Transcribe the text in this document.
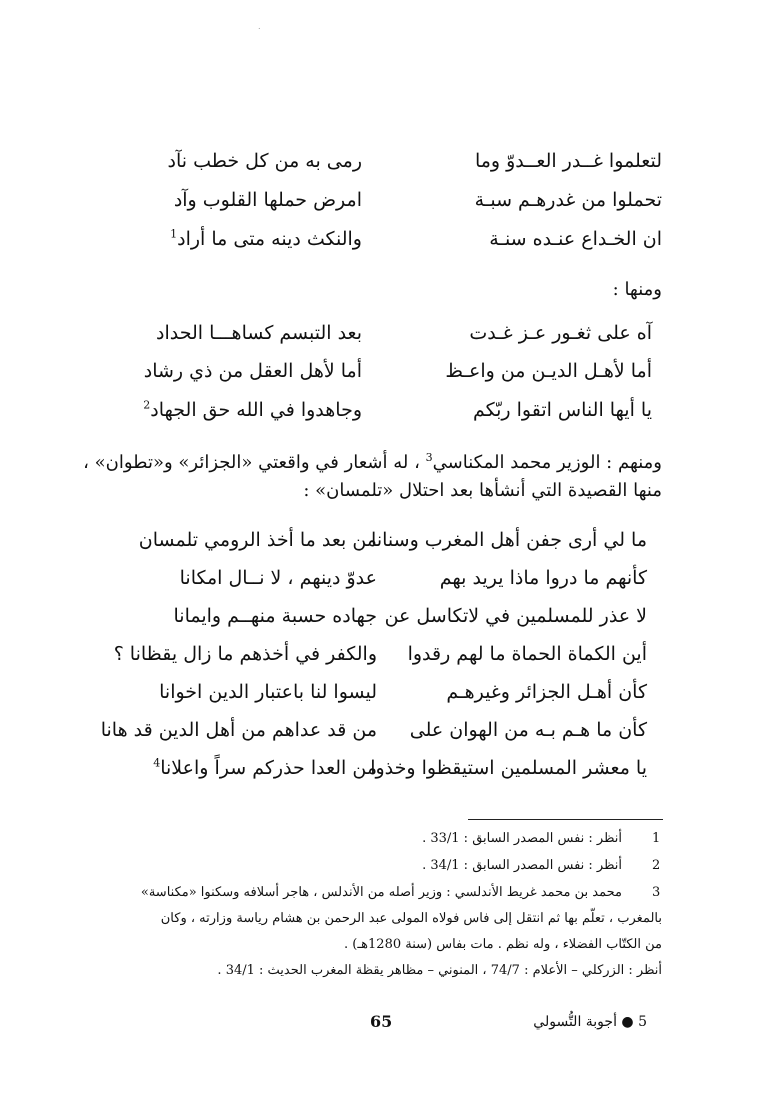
.
لتعلموا غــدر العــدوّ وما
رمى به من كل خطب نآد
تحملوا من غدرهـم سبـة
امرض حملها القلوب وآد
ان الخـداع عنـده سنـة
والنكث دينه متى ما أراد$^1$
ومنها :
آه على ثغـور عـز غـدت
بعد التبسم كساهـــا الحداد
أما لأهـل الديـن من واعـظ
أما لأهل العقل من ذي رشاد
يا أيها الناس اتقوا ربّكم
وجاهدوا في الله حق الجهاد$^2$
ومنهم : الوزير محمد المكناسي$^3$ ، له أشعار في واقعتي «الجزائر» و«تطوان» ،
منها القصيدة التي أنشأها بعد احتلال «تلمسان» :
ما لي أرى جفن أهل المغرب وسنانا
من بعد ما أخذ الرومي تلمسان
كأنهم ما دروا ماذا يريد بهم
عدوّ دينهم ، لا نــال امكانا
لا عذر للمسلمين في لاتكاسل عن
جهاده حسبة منهــم وايمانا
أين الكماة الحماة ما لهم رقدوا
والكفر في أخذهم ما زال يقظانا ؟
كأن أهـل الجزائر وغيرهـم
ليسوا لنا باعتبار الدين اخوانا
كأن ما هـم بـه من الهوان على
من قد عداهم من أهل الدين قد هانا
يا معشر المسلمين استيقظوا وخذوا
من العدا حذركم سراً واعلانا$^4$
1
أنظر : نفس المصدر السابق : 33/1 .
2
أنظر : نفس المصدر السابق : 34/1 .
3
محمد بن محمد غريط الأندلسي : وزير أصله من الأندلس ، هاجر أسلافه وسكنوا «مكناسة»
بالمغرب ، تعلّم بها ثم انتقل إلى فاس فولاه المولى عبد الرحمن بن هشام رياسة وزارته ، وكان
من الكتّاب الفضلاء ، وله نظم . مات بفاس (سنة 1280هـ) .
أنظر : الزركلي – الأعلام : 74/7 ، المنوني – مظاهر يقظة المغرب الحديث : 34/1 .
65	5 ● أجوبة التُّسولي
